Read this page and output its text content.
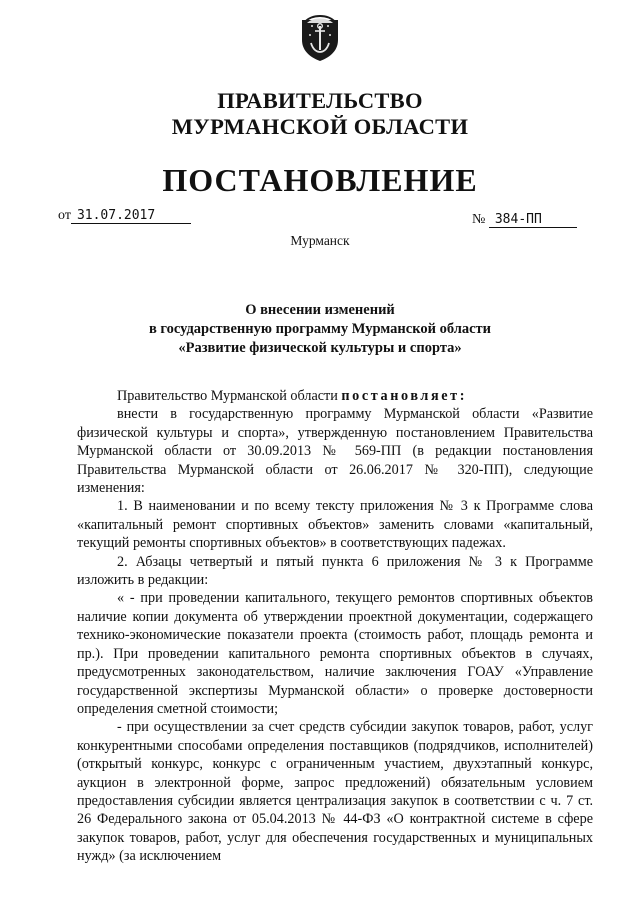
ПРАВИТЕЛЬСТВО
МУРМАНСКОЙ ОБЛАСТИ
ПОСТАНОВЛЕНИЕ
от 31.07.2017	№ 384-ПП
Мурманск
О внесении изменений
в государственную программу Мурманской области
«Развитие физической культуры и спорта»

Правительство Мурманской области постановляет:

внести в государственную программу Мурманской области «Развитие физической культуры и спорта», утвержденную постановлением Правительства Мурманской области от 30.09.2013 № 569-ПП (в редакции постановления Правительства Мурманской области от 26.06.2017 № 320-ПП), следующие изменения:

1. В наименовании и по всему тексту приложения № 3 к Программе слова «капитальный ремонт спортивных объектов» заменить словами «капитальный, текущий ремонты спортивных объектов» в соответствующих падежах.

2. Абзацы четвертый и пятый пункта 6 приложения № 3 к Программе изложить в редакции:

« - при проведении капитального, текущего ремонтов спортивных объектов наличие копии документа об утверждении проектной документации, содержащего технико-экономические показатели проекта (стоимость работ, площадь ремонта и пр.). При проведении капитального ремонта спортивных объектов в случаях, предусмотренных законодательством, наличие заключения ГОАУ «Управление государственной экспертизы Мурманской области» о проверке достоверности определения сметной стоимости;

- при осуществлении за счет средств субсидии закупок товаров, работ, услуг конкурентными способами определения поставщиков (подрядчиков, исполнителей) (открытый конкурс, конкурс с ограниченным участием, двухэтапный конкурс, аукцион в электронной форме, запрос предложений) обязательным условием предоставления субсидии является централизация закупок в соответствии с ч. 7 ст. 26 Федерального закона от 05.04.2013 № 44-ФЗ «О контрактной системе в сфере закупок товаров, работ, услуг для обеспечения государственных и муниципальных нужд» (за исключением
